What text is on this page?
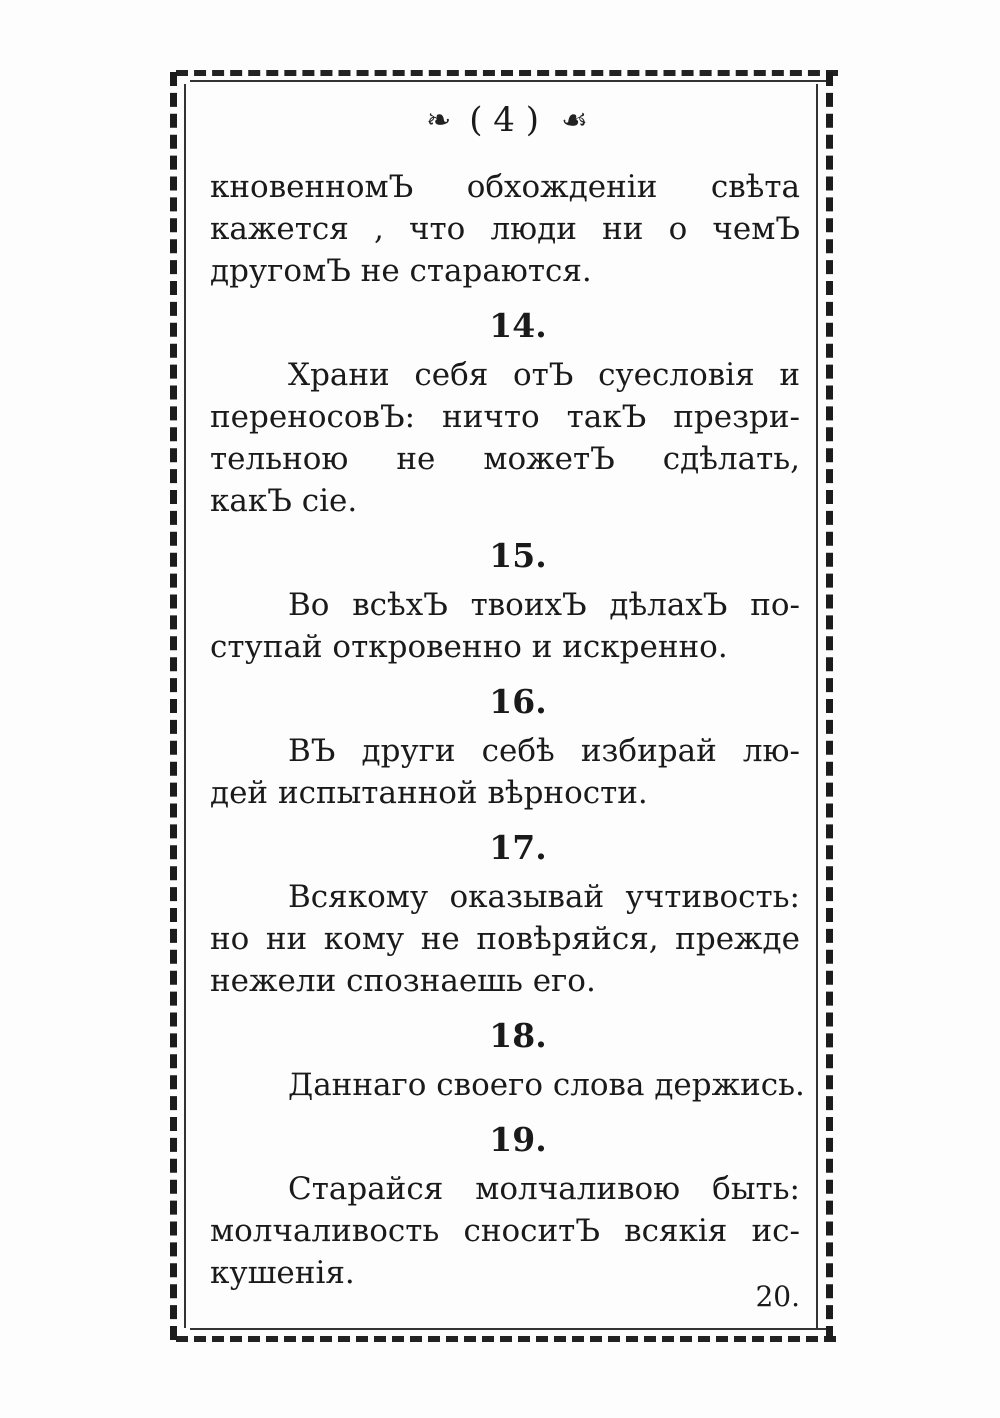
❧ ( 4 ) ☙
кновенномЪ обхожденіи свѣта
кажется , что люди ни о чемЪ
другомЪ не стараются.
14.
Храни себя отЪ суесловія и
переносовЪ: ничто такЪ презри-
тельною не можетЪ сдѣлать,
какЪ сіе.
15.
Во всѣхЪ твоихЪ дѣлахЪ по-
ступай откровенно и искренно.
16.
ВЪ други себѣ избирай лю-
дей испытанной вѣрности.
17.
Всякому оказывай учтивость:
но ни кому не повѣряйся, прежде
нежели спознаешь его.
18.
Даннаго своего слова держись.
19.
Старайся молчаливою быть:
молчаливость сноситЪ всякія ис-
кушенія.
20.
